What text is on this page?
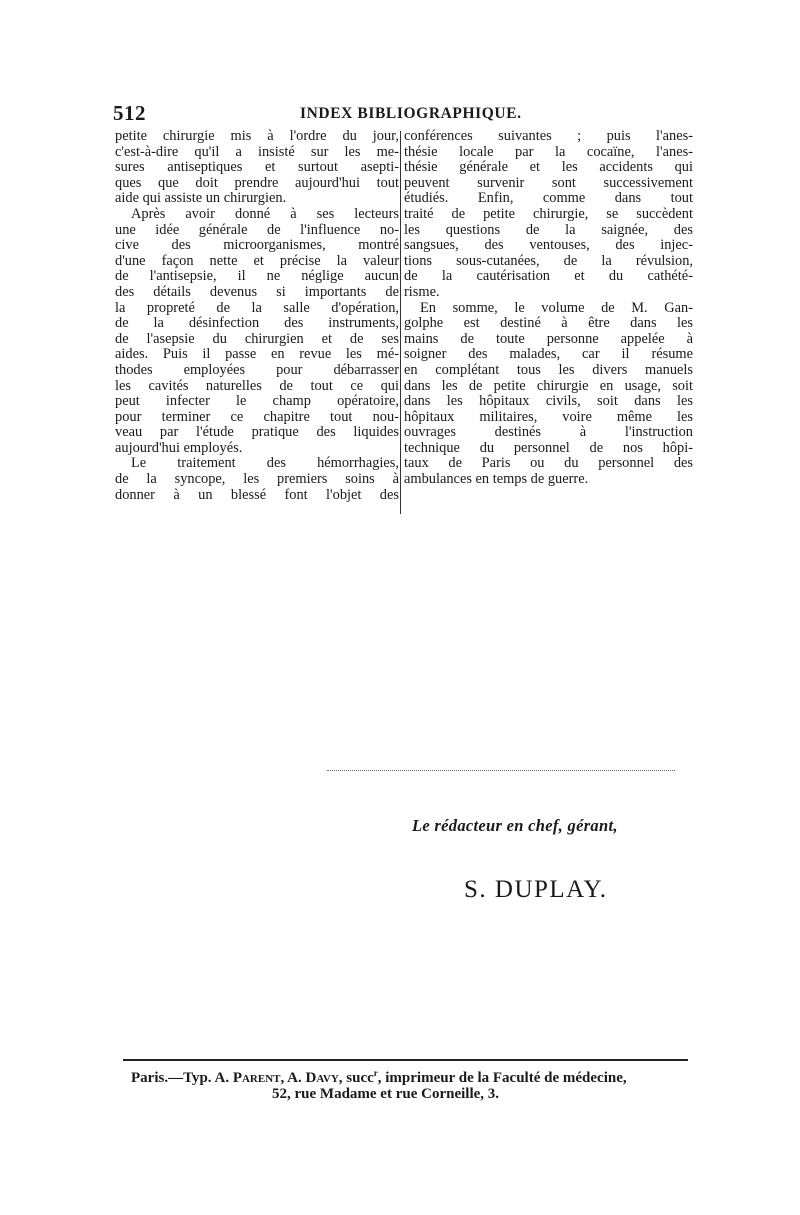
512	INDEX BIBLIOGRAPHIQUE.
petite chirurgie mis à l'ordre du jour,
c'est-à-dire qu'il a insisté sur les me-
sures antiseptiques et surtout asepti-
ques que doit prendre aujourd'hui tout
aide qui assiste un chirurgien.
Après avoir donné à ses lecteurs
une idée générale de l'influence no-
cive des microorganismes, montré
d'une façon nette et précise la valeur
de l'antisepsie, il ne néglige aucun
des détails devenus si importants de
la propreté de la salle d'opération,
de la désinfection des instruments,
de l'asepsie du chirurgien et de ses
aides. Puis il passe en revue les mé-
thodes employées pour débarrasser
les cavités naturelles de tout ce qui
peut infecter le champ opératoire,
pour terminer ce chapitre tout nou-
veau par l'étude pratique des liquides
aujourd'hui employés.
Le traitement des hémorrhagies,
de la syncope, les premiers soins à
donner à un blessé font l'objet des
conférences suivantes ; puis l'anes-
thésie locale par la cocaïne, l'anes-
thésie générale et les accidents qui
peuvent survenir sont successivement
étudiés. Enfin, comme dans tout
traité de petite chirurgie, se succèdent
les questions de la saignée, des
sangsues, des ventouses, des injec-
tions sous-cutanées, de la révulsion,
de la cautérisation et du cathété-
risme.
En somme, le volume de M. Gan-
golphe est destiné à être dans les
mains de toute personne appelée à
soigner des malades, car il résume
en complétant tous les divers manuels
dans les de petite chirurgie en usage, soit
dans les hôpitaux civils, soit dans les
hôpitaux militaires, voire même les
ouvrages destinés à l'instruction
technique du personnel de nos hôpi-
taux de Paris ou du personnel des
ambulances en temps de guerre.
Le rédacteur en chef, gérant,
S. DUPLAY.
Paris.—Typ. A. Parent, A. Davy, succ$^r$, imprimeur de la Faculté de médecine,
52, rue Madame et rue Corneille, 3.
